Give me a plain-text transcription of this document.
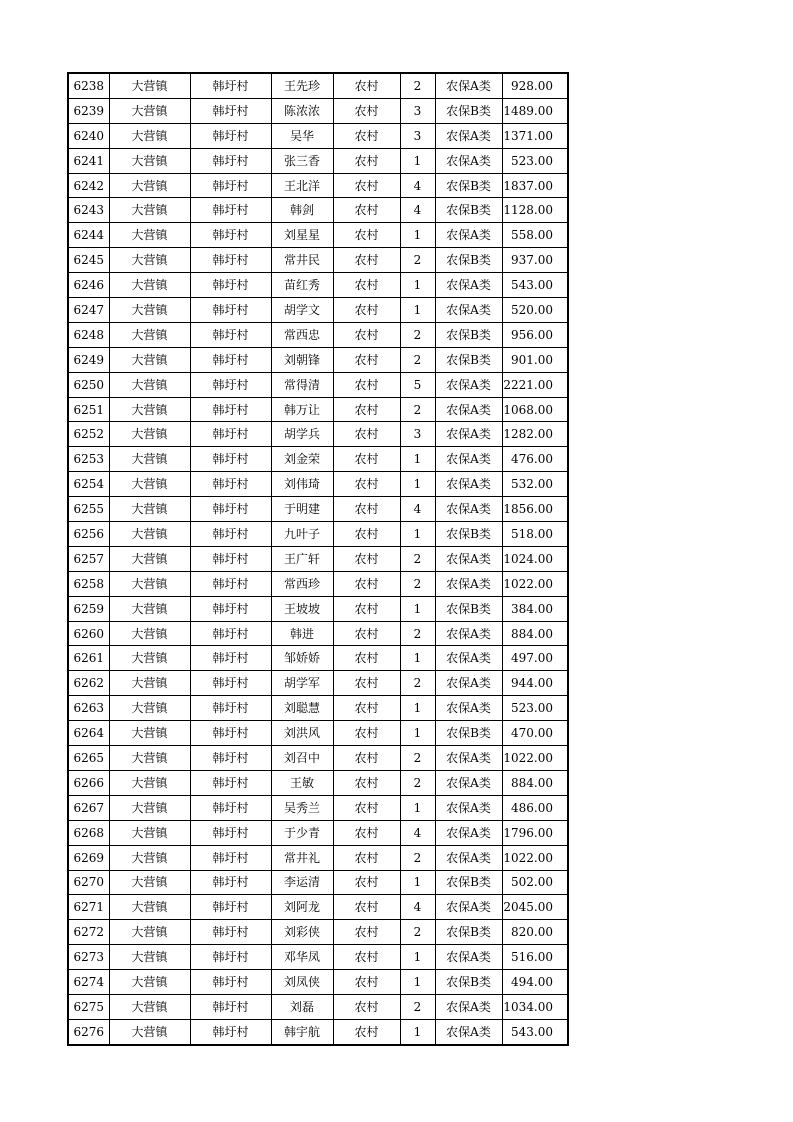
6238	大营镇	韩圩村	王先珍	农村	2	农保A类	928.00
6239	大营镇	韩圩村	陈浓浓	农村	3	农保B类	1489.00
6240	大营镇	韩圩村	吴华	农村	3	农保A类	1371.00
6241	大营镇	韩圩村	张三香	农村	1	农保A类	523.00
6242	大营镇	韩圩村	王北洋	农村	4	农保B类	1837.00
6243	大营镇	韩圩村	韩剑	农村	4	农保B类	1128.00
6244	大营镇	韩圩村	刘星星	农村	1	农保A类	558.00
6245	大营镇	韩圩村	常井民	农村	2	农保B类	937.00
6246	大营镇	韩圩村	苗红秀	农村	1	农保A类	543.00
6247	大营镇	韩圩村	胡学文	农村	1	农保A类	520.00
6248	大营镇	韩圩村	常西忠	农村	2	农保B类	956.00
6249	大营镇	韩圩村	刘朝锋	农村	2	农保B类	901.00
6250	大营镇	韩圩村	常得清	农村	5	农保A类	2221.00
6251	大营镇	韩圩村	韩万让	农村	2	农保A类	1068.00
6252	大营镇	韩圩村	胡学兵	农村	3	农保A类	1282.00
6253	大营镇	韩圩村	刘金荣	农村	1	农保A类	476.00
6254	大营镇	韩圩村	刘伟琦	农村	1	农保A类	532.00
6255	大营镇	韩圩村	于明建	农村	4	农保A类	1856.00
6256	大营镇	韩圩村	九叶子	农村	1	农保B类	518.00
6257	大营镇	韩圩村	王广轩	农村	2	农保A类	1024.00
6258	大营镇	韩圩村	常西珍	农村	2	农保A类	1022.00
6259	大营镇	韩圩村	王坡坡	农村	1	农保B类	384.00
6260	大营镇	韩圩村	韩进	农村	2	农保A类	884.00
6261	大营镇	韩圩村	邹娇娇	农村	1	农保A类	497.00
6262	大营镇	韩圩村	胡学军	农村	2	农保A类	944.00
6263	大营镇	韩圩村	刘聪慧	农村	1	农保A类	523.00
6264	大营镇	韩圩村	刘洪风	农村	1	农保B类	470.00
6265	大营镇	韩圩村	刘召中	农村	2	农保A类	1022.00
6266	大营镇	韩圩村	王敏	农村	2	农保A类	884.00
6267	大营镇	韩圩村	吴秀兰	农村	1	农保A类	486.00
6268	大营镇	韩圩村	于少青	农村	4	农保A类	1796.00
6269	大营镇	韩圩村	常井礼	农村	2	农保A类	1022.00
6270	大营镇	韩圩村	李运清	农村	1	农保B类	502.00
6271	大营镇	韩圩村	刘阿龙	农村	4	农保A类	2045.00
6272	大营镇	韩圩村	刘彩侠	农村	2	农保B类	820.00
6273	大营镇	韩圩村	邓华凤	农村	1	农保A类	516.00
6274	大营镇	韩圩村	刘凤侠	农村	1	农保B类	494.00
6275	大营镇	韩圩村	刘磊	农村	2	农保A类	1034.00
6276	大营镇	韩圩村	韩宇航	农村	1	农保A类	543.00
